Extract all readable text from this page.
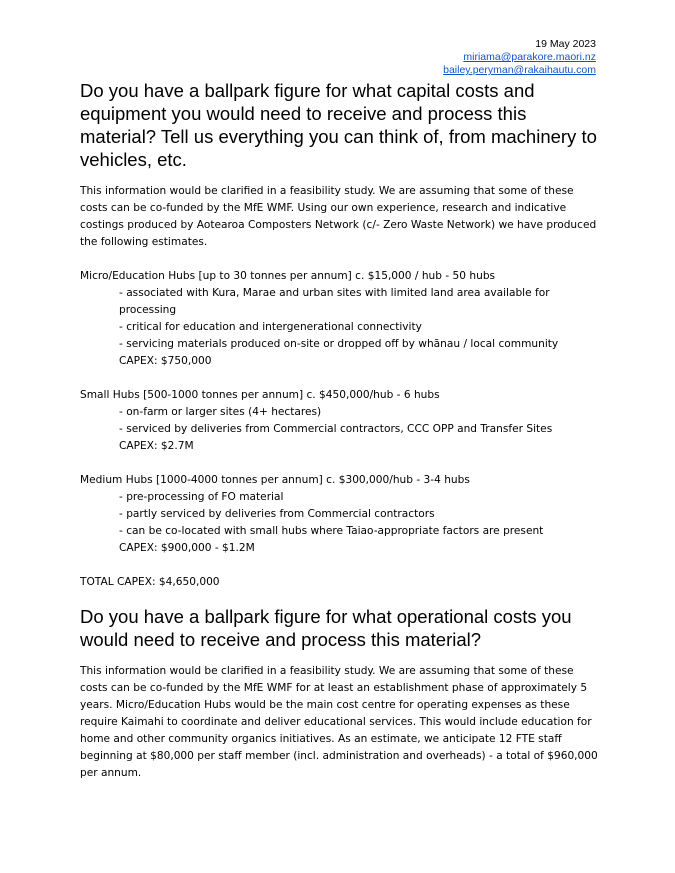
19 May 2023
miriama@parakore.maori.nz
bailey.peryman@rakaihautu.com
Do you have a ballpark figure for what capital costs and equipment you would need to receive and process this material? Tell us everything you can think of, from machinery to vehicles, etc.

This information would be clarified in a feasibility study. We are assuming that some of these costs can be co-funded by the MfE WMF. Using our own experience, research and indicative costings produced by Aotearoa Composters Network (c/- Zero Waste Network) we have produced the following estimates.

Micro/Education Hubs [up to 30 tonnes per annum] c. $15,000 / hub - 50 hubs

- associated with Kura, Marae and urban sites with limited land area available for processing

- critical for education and intergenerational connectivity

- servicing materials produced on-site or dropped off by whānau / local community

CAPEX: $750,000

Small Hubs [500-1000 tonnes per annum] c. $450,000/hub - 6 hubs

- on-farm or larger sites (4+ hectares)

- serviced by deliveries from Commercial contractors, CCC OPP and Transfer Sites

CAPEX: $2.7M

Medium Hubs [1000-4000 tonnes per annum] c. $300,000/hub - 3-4 hubs

- pre-processing of FO material

- partly serviced by deliveries from Commercial contractors

- can be co-located with small hubs where Taiao-appropriate factors are present

CAPEX: $900,000 - $1.2M

TOTAL CAPEX: $4,650,000

Do you have a ballpark figure for what operational costs you would need to receive and process this material?

This information would be clarified in a feasibility study. We are assuming that some of these costs can be co-funded by the MfE WMF for at least an establishment phase of approximately 5 years. Micro/Education Hubs would be the main cost centre for operating expenses as these require Kaimahi to coordinate and deliver educational services. This would include education for home and other community organics initiatives. As an estimate, we anticipate 12 FTE staff beginning at $80,000 per staff member (incl. administration and overheads) - a total of $960,000 per annum.
